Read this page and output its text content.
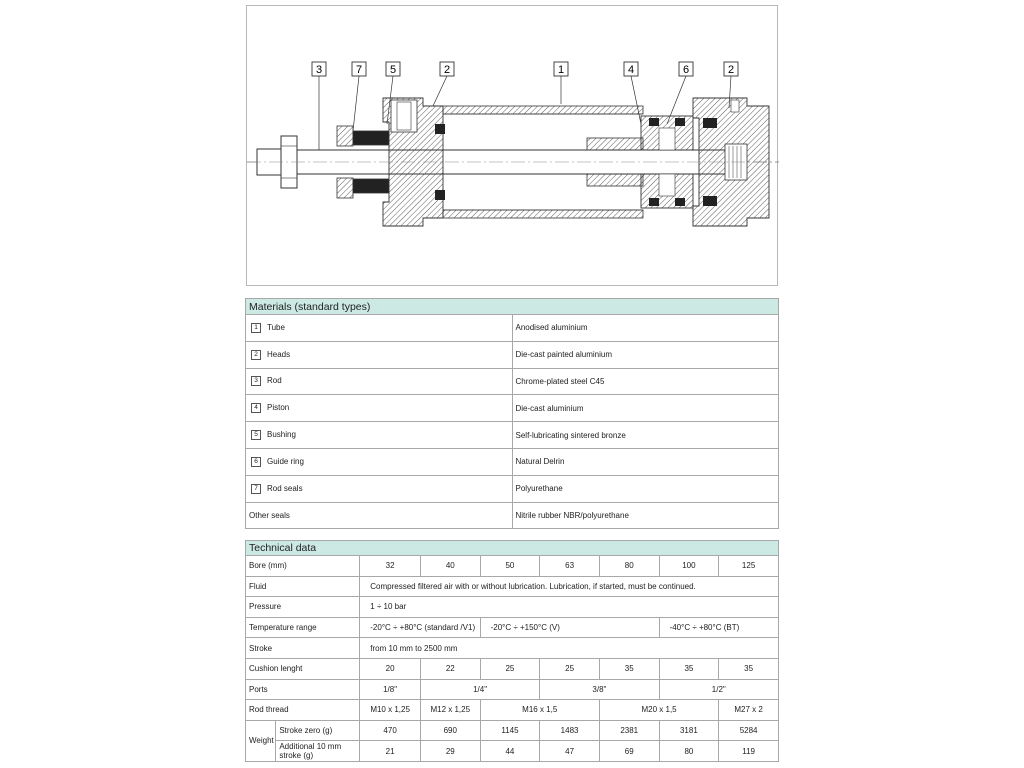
3	7	5	2	1	4	6	2
Materials (standard types)	
1 Tube	Anodised aluminium
2 Heads	Die-cast painted aluminium
3 Rod	Chrome-plated steel C45
4 Piston	Die-cast aluminium
5 Bushing	Self-lubricating sintered bronze
6 Guide ring	Natural Delrin
7 Rod seals	Polyurethane
Other seals	Nitrile rubber NBR/polyurethane
Technical data								
Bore (mm)		32	40	50	63	80	100	125
Fluid		Compressed filtered air with or without lubrication. Lubrication, if started, must be continued.						
Pressure		1 ÷ 10 bar						
Temperature range		-20°C ÷ +80°C (standard /V1)		-20°C ÷ +150°C (V)			-40°C ÷ +80°C (BT)	
Stroke		from 10 mm to 2500 mm						
Cushion lenght		20	22	25	25	35	35	35
Ports		1/8"	1/4"		3/8"		1/2"	
Rod thread		M10 x 1,25	M12 x 1,25	M16 x 1,5		M20 x 1,5		M27 x 2
Weight	Stroke zero (g)	470	690	1145	1483	2381	3181	5284
	Additional 10 mm stroke (g)	21	29	44	47	69	80	119
